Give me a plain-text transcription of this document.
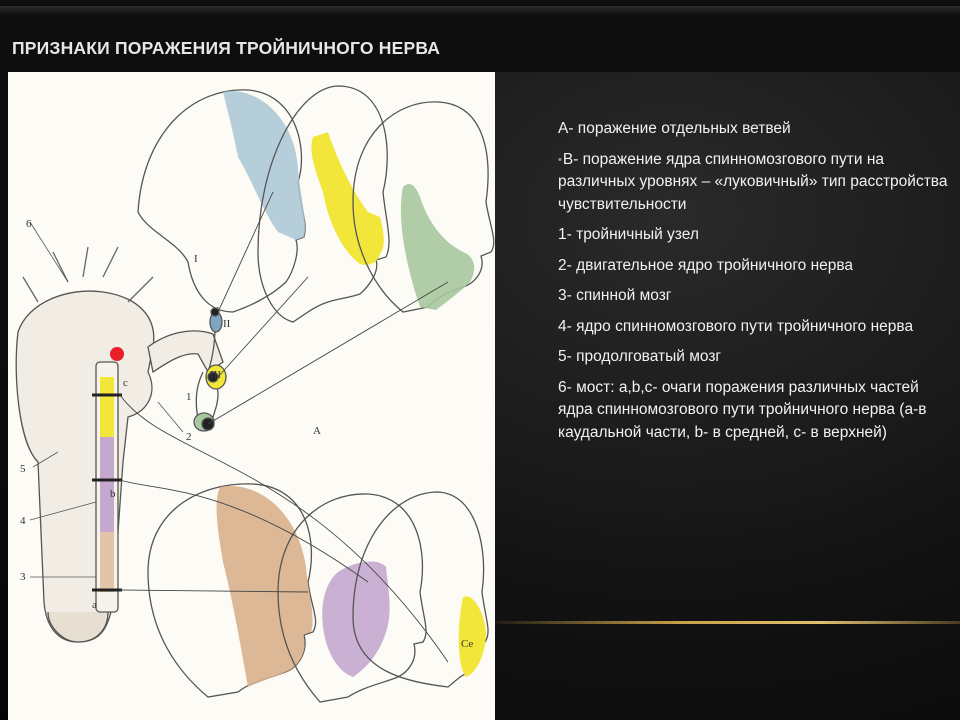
ПРИЗНАКИ ПОРАЖЕНИЯ ТРОЙНИЧНОГО НЕРВА
6
5
4
3
2
1
I
II
III
a
b
c
A
Ce

А- поражение отдельных ветвей

•В- поражение ядра спинномозгового пути на различных уровнях – «луковичный» тип расстройства чувствительности

1- тройничный узел

2- двигательное ядро тройничного нерва

3- спинной мозг

4- ядро спинномозгового пути тройничного нерва

5- продолговатый мозг

6- мост: a,b,c- очаги поражения различных частей ядра спинномозгового пути тройничного нерва (а-в каудальной части, b- в средней, с- в верхней)
